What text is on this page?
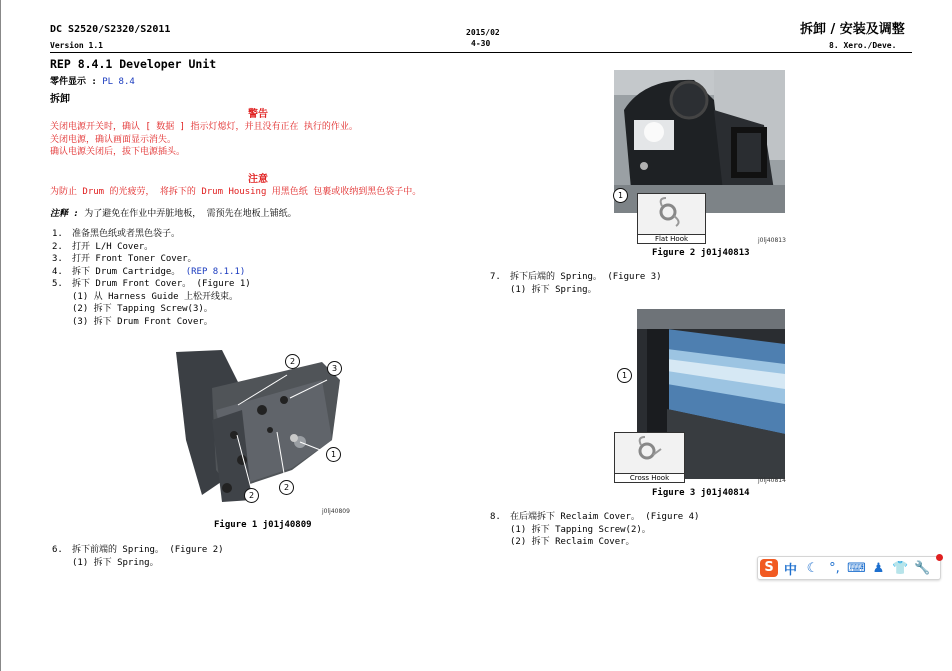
DC S2520/S2320/S2011
Version 1.1
2015/02
4-30
拆卸 / 安装及调整
8. Xero./Deve.
REP 8.4.1 Developer Unit
零件显示 : PL 8.4
拆卸
警告
关闭电源开关时，确认 [ 数据 ] 指示灯熄灯，并且没有正在 执行的作业。
关闭电源，确认画面显示消失。
确认电源关闭后，拔下电源插头。
注意
为防止 Drum 的光疲劳， 将拆下的 Drum Housing 用黑色纸 包裹或收纳到黑色袋子中。
注释 : 为了避免在作业中弄脏地板， 需预先在地板上铺纸。
1. 准备黑色纸或者黑色袋子。
2. 打开 L/H Cover。
3. 打开 Front Toner Cover。
4. 拆下 Drum Cartridge。 (REP 8.1.1)
5. 拆下 Drum Front Cover。 (Figure 1)
(1) 从 Harness Guide 上松开线束。
(2) 拆下 Tapping Screw(3)。
(3) 拆下 Drum Front Cover。
2
3
1
2
2
j0lj40809
Figure 1 j01j40809
6. 拆下前端的 Spring。 (Figure 2)
(1) 拆下 Spring。
1
Flat Hook	j0lj40813
Figure 2 j01j40813
7. 拆下后端的 Spring。 (Figure 3)
(1) 拆下 Spring。
1
Cross Hook	j0lj40814
Figure 3 j01j40814
8. 在后端拆下 Reclaim Cover。 (Figure 4)
(1) 拆下 Tapping Screw(2)。
(2) 拆下 Reclaim Cover。
S 中 ☾ °, ⌨ ♟ 👕 🔧
